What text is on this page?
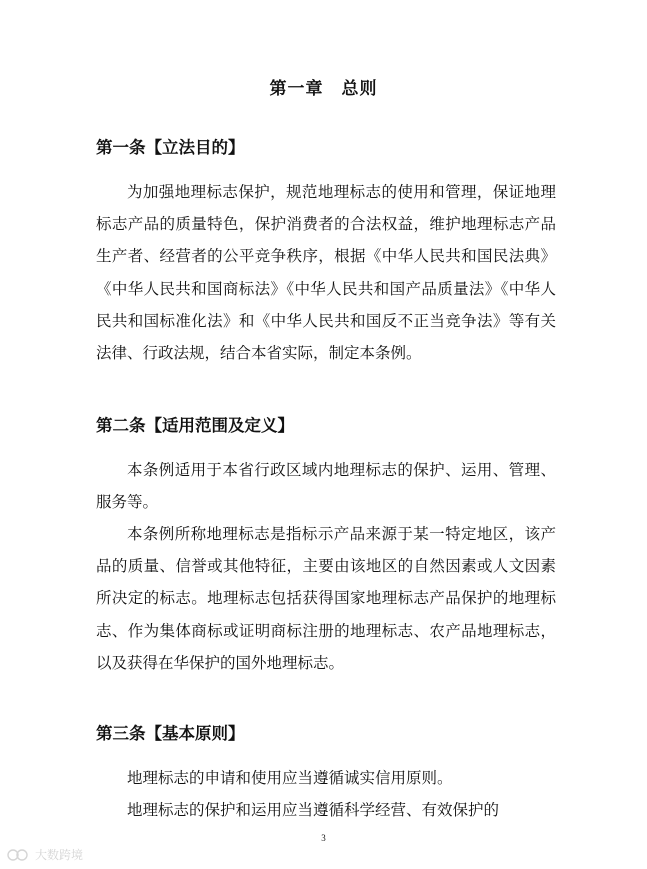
第一章　总则
第一条【立法目的】

为加强地理标志保护，规范地理标志的使用和管理，保证地理标志产品的质量特色，保护消费者的合法权益，维护地理标志产品生产者、经营者的公平竞争秩序，根据《中华人民共和国民法典》《中华人民共和国商标法》《中华人民共和国产品质量法》《中华人民共和国标准化法》和《中华人民共和国反不正当竞争法》等有关法律、行政法规，结合本省实际，制定本条例。

第二条【适用范围及定义】

本条例适用于本省行政区域内地理标志的保护、运用、管理、服务等。

本条例所称地理标志是指标示产品来源于某一特定地区，该产品的质量、信誉或其他特征，主要由该地区的自然因素或人文因素所决定的标志。地理标志包括获得国家地理标志产品保护的地理标志、作为集体商标或证明商标注册的地理标志、农产品地理标志，以及获得在华保护的国外地理标志。

第三条【基本原则】

地理标志的申请和使用应当遵循诚实信用原则。

地理标志的保护和运用应当遵循科学经营、有效保护的

3
大数跨境
